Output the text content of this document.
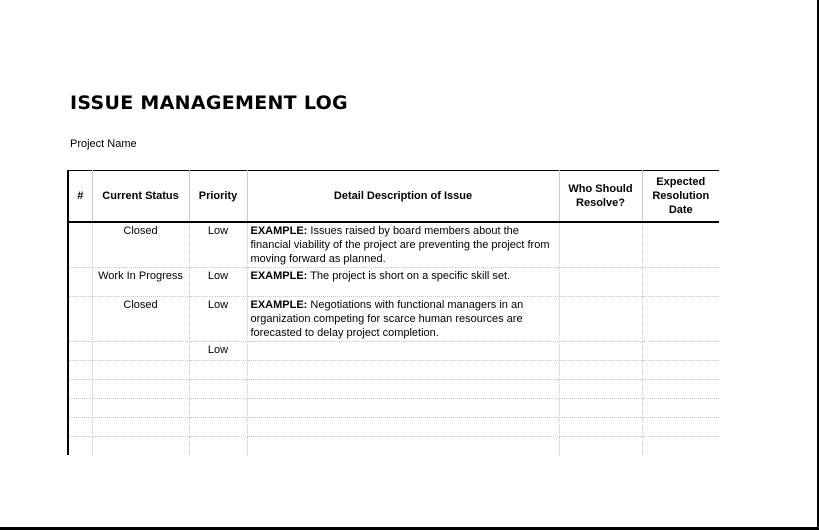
ISSUE MANAGEMENT LOG
Project Name
#	Current Status	Priority	Detail Description of Issue	Who Should Resolve?	Expected Resolution Date
	Closed	Low	EXAMPLE: Issues raised by board members about the financial viability of the project are preventing the project from moving forward as planned.		
	Work In Progress	Low	EXAMPLE: The project is short on a specific skill set.		
	Closed	Low	EXAMPLE: Negotiations with functional managers in an organization competing for scarce human resources are forecasted to delay project completion.		
		Low			
